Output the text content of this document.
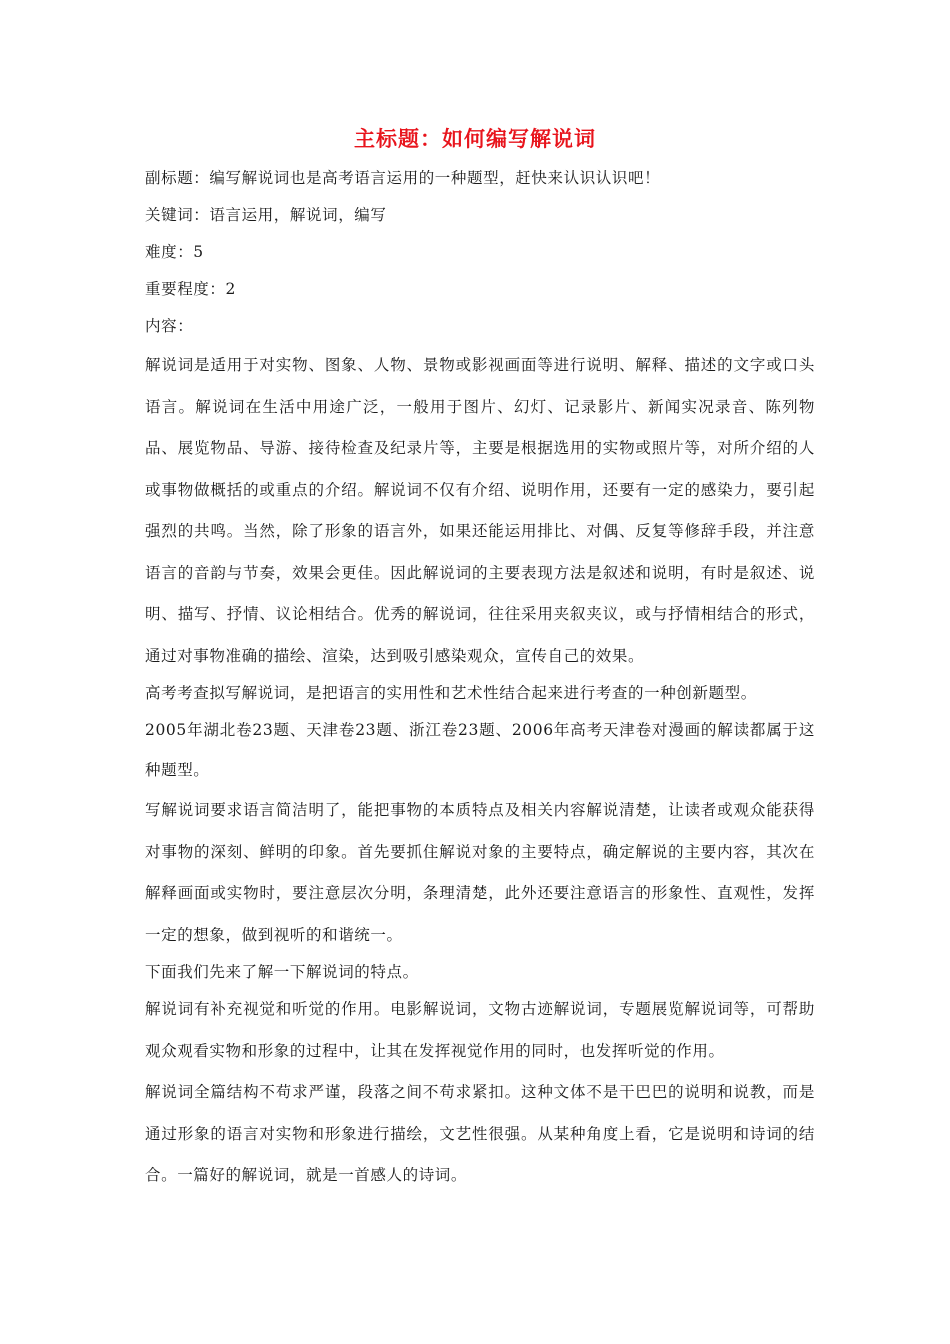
主标题：如何编写解说词
副标题：编写解说词也是高考语言运用的一种题型，赶快来认识认识吧！
关键词：语言运用，解说词，编写
难度：5
重要程度：2
内容：

解说词是适用于对实物、图象、人物、景物或影视画面等进行说明、解释、描述的文字或口头语言。解说词在生活中用途广泛，一般用于图片、幻灯、记录影片、新闻实况录音、陈列物品、展览物品、导游、接待检查及纪录片等，主要是根据选用的实物或照片等，对所介绍的人或事物做概括的或重点的介绍。解说词不仅有介绍、说明作用，还要有一定的感染力，要引起强烈的共鸣。当然，除了形象的语言外，如果还能运用排比、对偶、反复等修辞手段，并注意语言的音韵与节奏，效果会更佳。因此解说词的主要表现方法是叙述和说明，有时是叙述、说明、描写、抒情、议论相结合。优秀的解说词，往往采用夹叙夹议，或与抒情相结合的形式，通过对事物准确的描绘、渲染，达到吸引感染观众，宣传自己的效果。

高考考查拟写解说词，是把语言的实用性和艺术性结合起来进行考查的一种创新题型。

2005年湖北卷23题、天津卷23题、浙江卷23题、2006年高考天津卷对漫画的解读都属于这种题型。

写解说词要求语言简洁明了，能把事物的本质特点及相关内容解说清楚，让读者或观众能获得对事物的深刻、鲜明的印象。首先要抓住解说对象的主要特点，确定解说的主要内容，其次在解释画面或实物时，要注意层次分明，条理清楚，此外还要注意语言的形象性、直观性，发挥一定的想象，做到视听的和谐统一。

下面我们先来了解一下解说词的特点。

解说词有补充视觉和听觉的作用。电影解说词，文物古迹解说词，专题展览解说词等，可帮助观众观看实物和形象的过程中，让其在发挥视觉作用的同时，也发挥听觉的作用。

解说词全篇结构不苟求严谨，段落之间不苟求紧扣。这种文体不是干巴巴的说明和说教，而是通过形象的语言对实物和形象进行描绘，文艺性很强。从某种角度上看，它是说明和诗词的结合。一篇好的解说词，就是一首感人的诗词。
